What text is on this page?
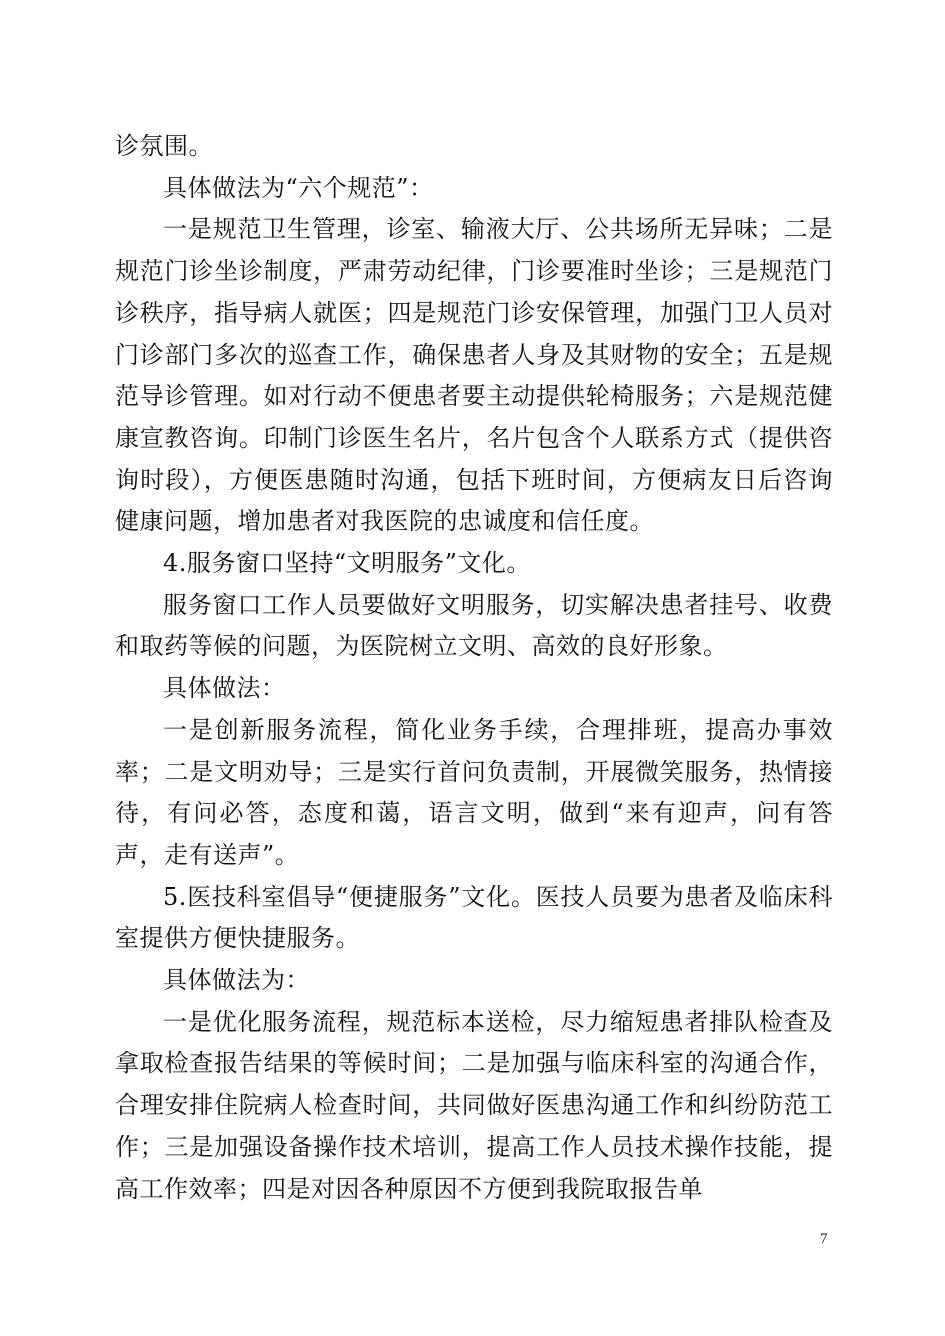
诊氛围。

具体做法为“六个规范”：

一是规范卫生管理，诊室、输液大厅、公共场所无异味；二是规范门诊坐诊制度，严肃劳动纪律，门诊要准时坐诊；三是规范门诊秩序，指导病人就医；四是规范门诊安保管理，加强门卫人员对门诊部门多次的巡查工作，确保患者人身及其财物的安全；五是规范导诊管理。如对行动不便患者要主动提供轮椅服务；六是规范健康宣教咨询。印制门诊医生名片，名片包含个人联系方式（提供咨询时段），方便医患随时沟通，包括下班时间，方便病友日后咨询健康问题，增加患者对我医院的忠诚度和信任度。

4.服务窗口坚持“文明服务”文化。

服务窗口工作人员要做好文明服务，切实解决患者挂号、收费和取药等候的问题，为医院树立文明、高效的良好形象。

具体做法：

一是创新服务流程，简化业务手续，合理排班，提高办事效率；二是文明劝导；三是实行首问负责制，开展微笑服务，热情接待，有问必答，态度和蔼，语言文明，做到“来有迎声，问有答声，走有送声”。

5.医技科室倡导“便捷服务”文化。医技人员要为患者及临床科室提供方便快捷服务。

具体做法为：

一是优化服务流程，规范标本送检，尽力缩短患者排队检查及拿取检查报告结果的等候时间；二是加强与临床科室的沟通合作，合理安排住院病人检查时间，共同做好医患沟通工作和纠纷防范工作；三是加强设备操作技术培训，提高工作人员技术操作技能，提高工作效率；四是对因各种原因不方便到我院取报告单

7
